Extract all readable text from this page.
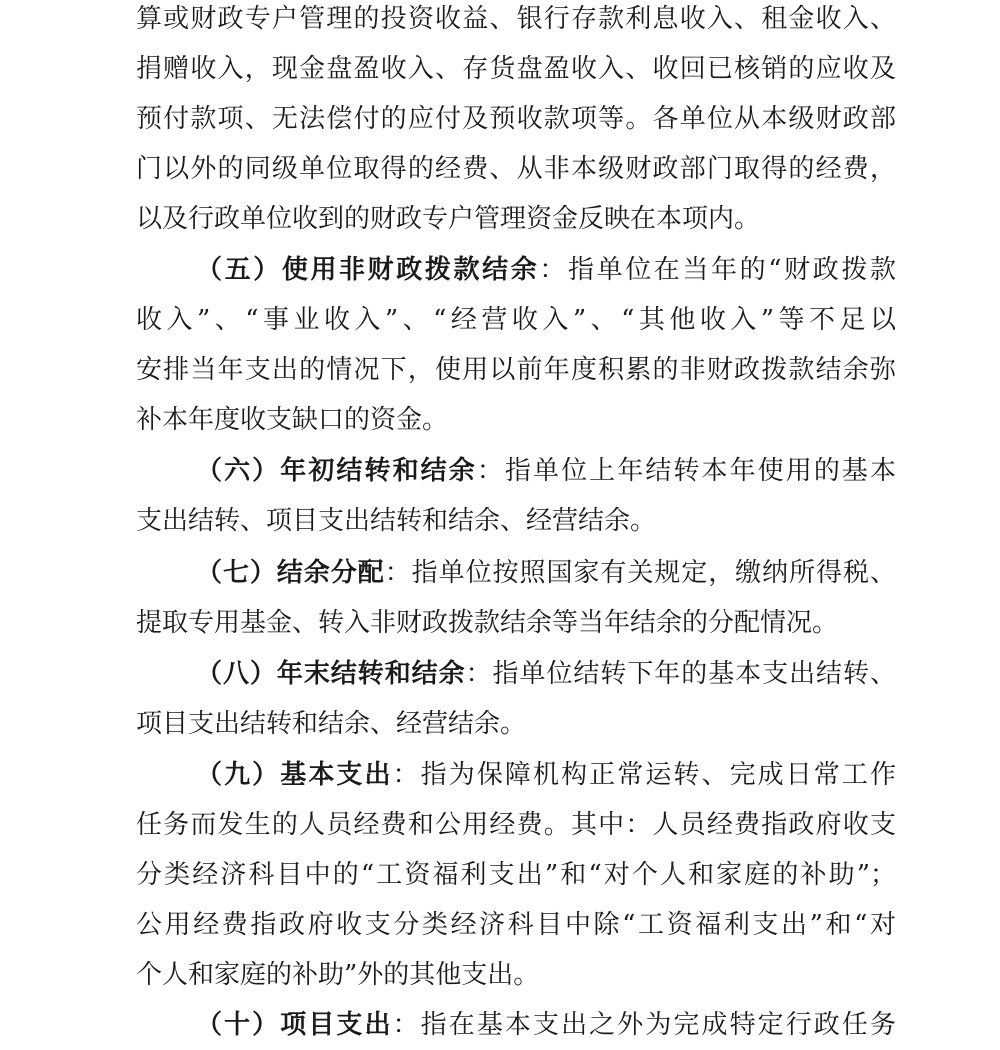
算或财政专户管理的投资收益、银行存款利息收入、租金收入、
捐赠收入，现金盘盈收入、存货盘盈收入、收回已核销的应收及
预付款项、无法偿付的应付及预收款项等。各单位从本级财政部
门以外的同级单位取得的经费、从非本级财政部门取得的经费，
以及行政单位收到的财政专户管理资金反映在本项内。
（五）使用非财政拨款结余：指单位在当年的“财政拨款
收入”、“事业收入”、“经营收入”、“其他收入”等不足以
安排当年支出的情况下，使用以前年度积累的非财政拨款结余弥
补本年度收支缺口的资金。
（六）年初结转和结余：指单位上年结转本年使用的基本
支出结转、项目支出结转和结余、经营结余。
（七）结余分配：指单位按照国家有关规定，缴纳所得税、
提取专用基金、转入非财政拨款结余等当年结余的分配情况。
（八）年末结转和结余：指单位结转下年的基本支出结转、
项目支出结转和结余、经营结余。
（九）基本支出：指为保障机构正常运转、完成日常工作
任务而发生的人员经费和公用经费。其中：人员经费指政府收支
分类经济科目中的“工资福利支出”和“对个人和家庭的补助”；
公用经费指政府收支分类经济科目中除“工资福利支出”和“对
个人和家庭的补助”外的其他支出。
（十）项目支出：指在基本支出之外为完成特定行政任务
